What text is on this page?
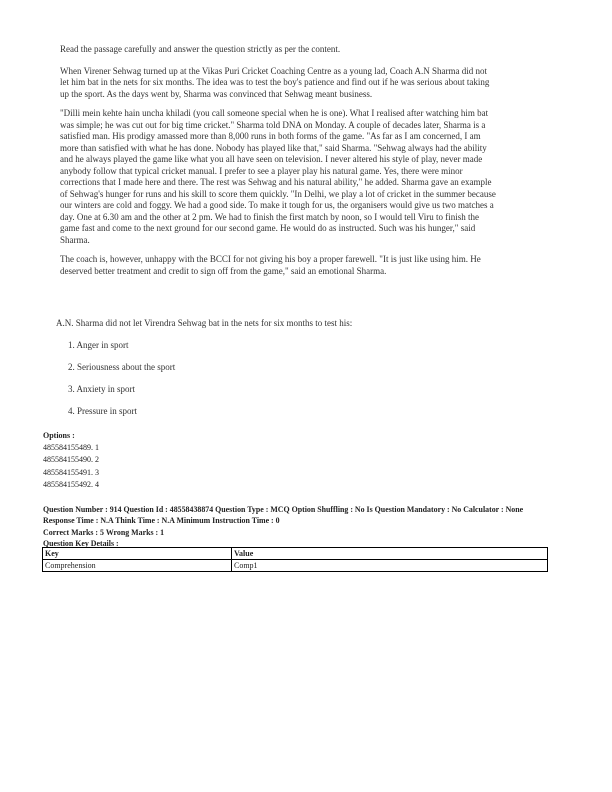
Read the passage carefully and answer the question strictly as per the content.

When Virener Sehwag turned up at the Vikas Puri Cricket Coaching Centre as a young lad, Coach A.N Sharma did not let him bat in the nets for six months. The idea was to test the boy's patience and find out if he was serious about taking up the sport. As the days went by, Sharma was convinced that Sehwag meant business.

"Dilli mein kehte hain uncha khiladi (you call someone special when he is one). What I realised after watching him bat was simple; he was cut out for big time cricket." Sharma told DNA on Monday. A couple of decades later, Sharma is a satisfied man. His prodigy amassed more than 8,000 runs in both forms of the game. "As far as I am concerned, I am more than satisfied with what he has done. Nobody has played like that," said Sharma. "Sehwag always had the ability and he always played the game like what you all have seen on television. I never altered his style of play, never made anybody follow that typical cricket manual. I prefer to see a player play his natural game. Yes, there were minor corrections that I made here and there. The rest was Sehwag and his natural ability," he added. Sharma gave an example of Sehwag's hunger for runs and his skill to score them quickly. "In Delhi, we play a lot of cricket in the summer because our winters are cold and foggy. We had a good side. To make it tough for us, the organisers would give us two matches a day. One at 6.30 am and the other at 2 pm. We had to finish the first match by noon, so I would tell Viru to finish the game fast and come to the next ground for our second game. He would do as instructed. Such was his hunger," said Sharma.

The coach is, however, unhappy with the BCCI for not giving his boy a proper farewell. "It is just like using him. He deserved better treatment and credit to sign off from the game," said an emotional Sharma.

A.N. Sharma did not let Virendra Sehwag bat in the nets for six months to test his:

1. Anger in sport
2. Seriousness about the sport
3. Anxiety in sport
4. Pressure in sport
Options :
485584155489. 1
485584155490. 2
485584155491. 3
485584155492. 4
Question Number : 914 Question Id : 48558438874 Question Type : MCQ Option Shuffling : No Is Question Mandatory : No Calculator : None
Response Time : N.A Think Time : N.A Minimum Instruction Time : 0
Correct Marks : 5 Wrong Marks : 1
Question Key Details :
Key	Value
Comprehension	Comp1
